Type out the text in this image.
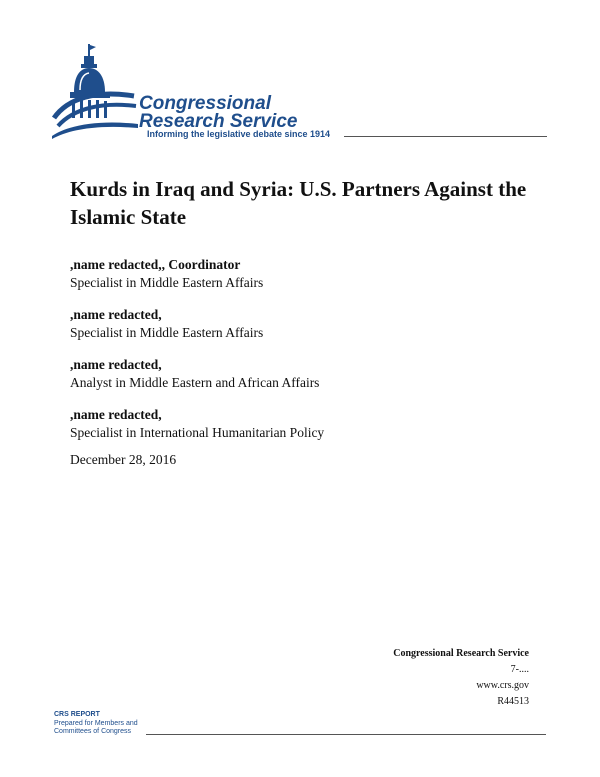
Congressional
Research Service
Informing the legislative debate since 1914
Kurds in Iraq and Syria: U.S. Partners Against the Islamic State
,name redacted,, Coordinator
Specialist in Middle Eastern Affairs
,name redacted,
Specialist in Middle Eastern Affairs
,name redacted,
Analyst in Middle Eastern and African Affairs
,name redacted,
Specialist in International Humanitarian Policy
December 28, 2016
Congressional Research Service
7-....
www.crs.gov
R44513
CRS REPORT
Prepared for Members and
Committees of Congress
